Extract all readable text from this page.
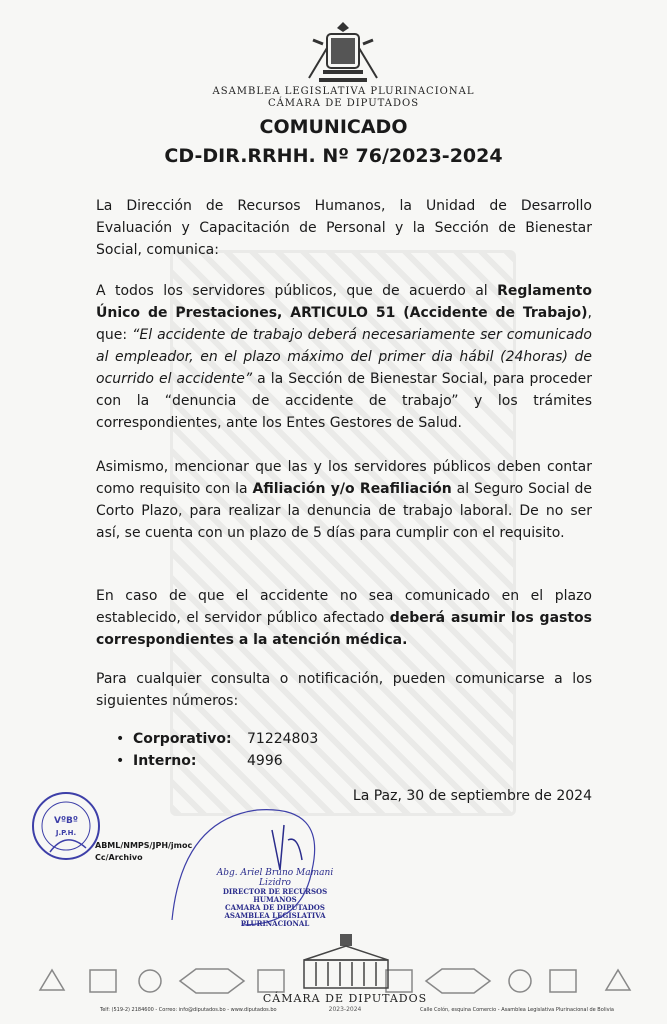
ASAMBLEA LEGISLATIVA PLURINACIONAL
CÁMARA DE DIPUTADOS
COMUNICADO
CD-DIR.RRHH. Nº 76/2023-2024
La Dirección de Recursos Humanos, la Unidad de Desarrollo Evaluación y Capacitación de Personal y la Sección de Bienestar Social, comunica:
A todos los servidores públicos, que de acuerdo al Reglamento Único de Prestaciones, ARTICULO 51 (Accidente de Trabajo), que: “El accidente de trabajo deberá necesariamente ser comunicado al empleador, en el plazo máximo del primer dia hábil (24horas) de ocurrido el accidente” a la Sección de Bienestar Social, para proceder con la “denuncia de accidente de trabajo” y los trámites correspondientes, ante los Entes Gestores de Salud.
Asimismo, mencionar que las y los servidores públicos deben contar como requisito con la Afiliación y/o Reafiliación al Seguro Social de Corto Plazo, para realizar la denuncia de trabajo laboral. De no ser así, se cuenta con un plazo de 5 días para cumplir con el requisito.
En caso de que el accidente no sea comunicado en el plazo establecido, el servidor público afectado deberá asumir los gastos correspondientes a la atención médica.
Para cualquier consulta o notificación, pueden comunicarse a los siguientes números:
• Corporativo: 71224803
• Interno:	4996
La Paz, 30 de septiembre de 2024
VºBº
J.P.H.
ABML/NMPS/JPH/jmoc
Cc/Archivo
Abg. Ariel Bruno Mamani Lizidro
DIRECTOR DE RECURSOS HUMANOS
CAMARA DE DIPUTADOS
ASAMBLEA LEGISLATIVA PLURINACIONAL
CÁMARA DE DIPUTADOS
2023-2024
Telf: (519-2) 2184600 - Correo: info@diputados.bo - www.diputados.bo	Calle Colón, esquina Comercio - Asamblea Legislativa Plurinacional de Bolivia
